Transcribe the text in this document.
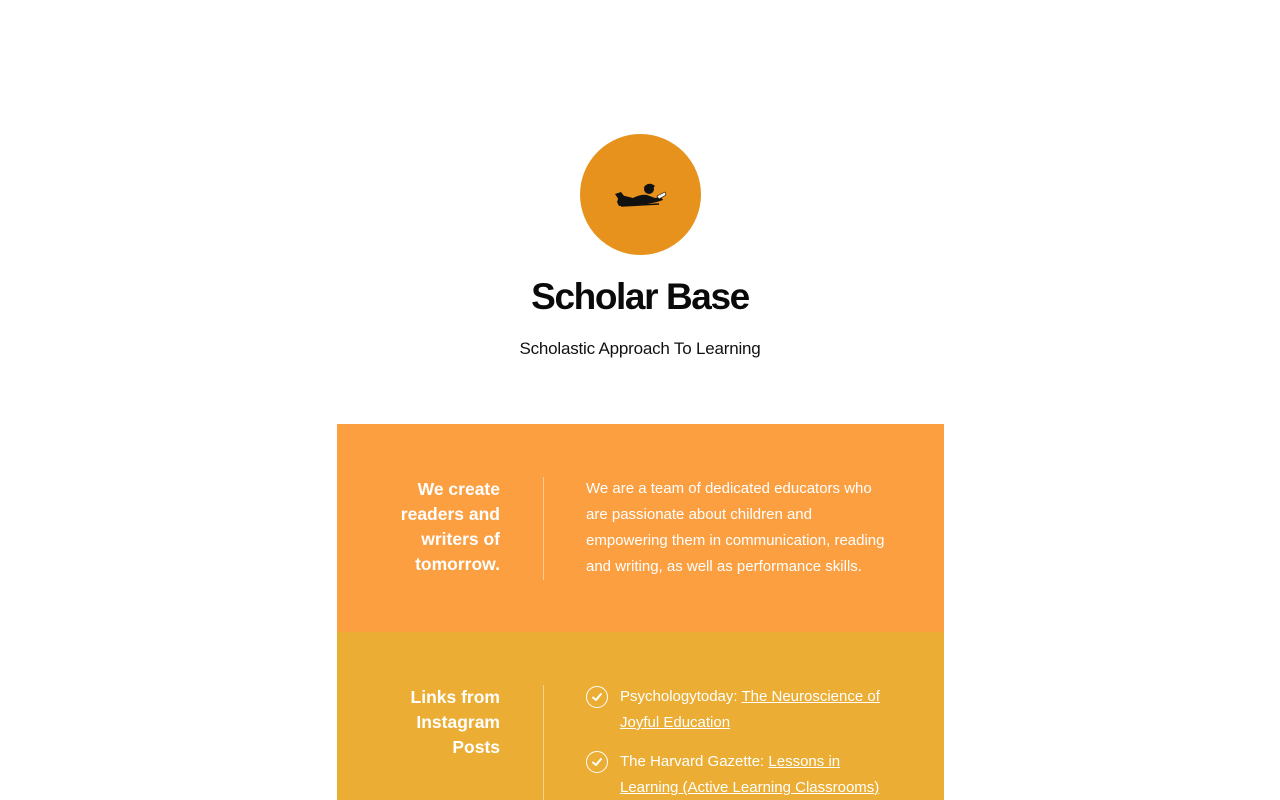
Scholar Base

Scholastic Approach To Learning

We create readers and writers of tomorrow.

We are a team of dedicated educators who are passionate about children and empowering them in communication, reading and writing, as well as performance skills.

Links from Instagram Posts
Psychologytoday: The Neuroscience of Joyful Education
The Harvard Gazette: Lessons in Learning (Active Learning Classrooms)
